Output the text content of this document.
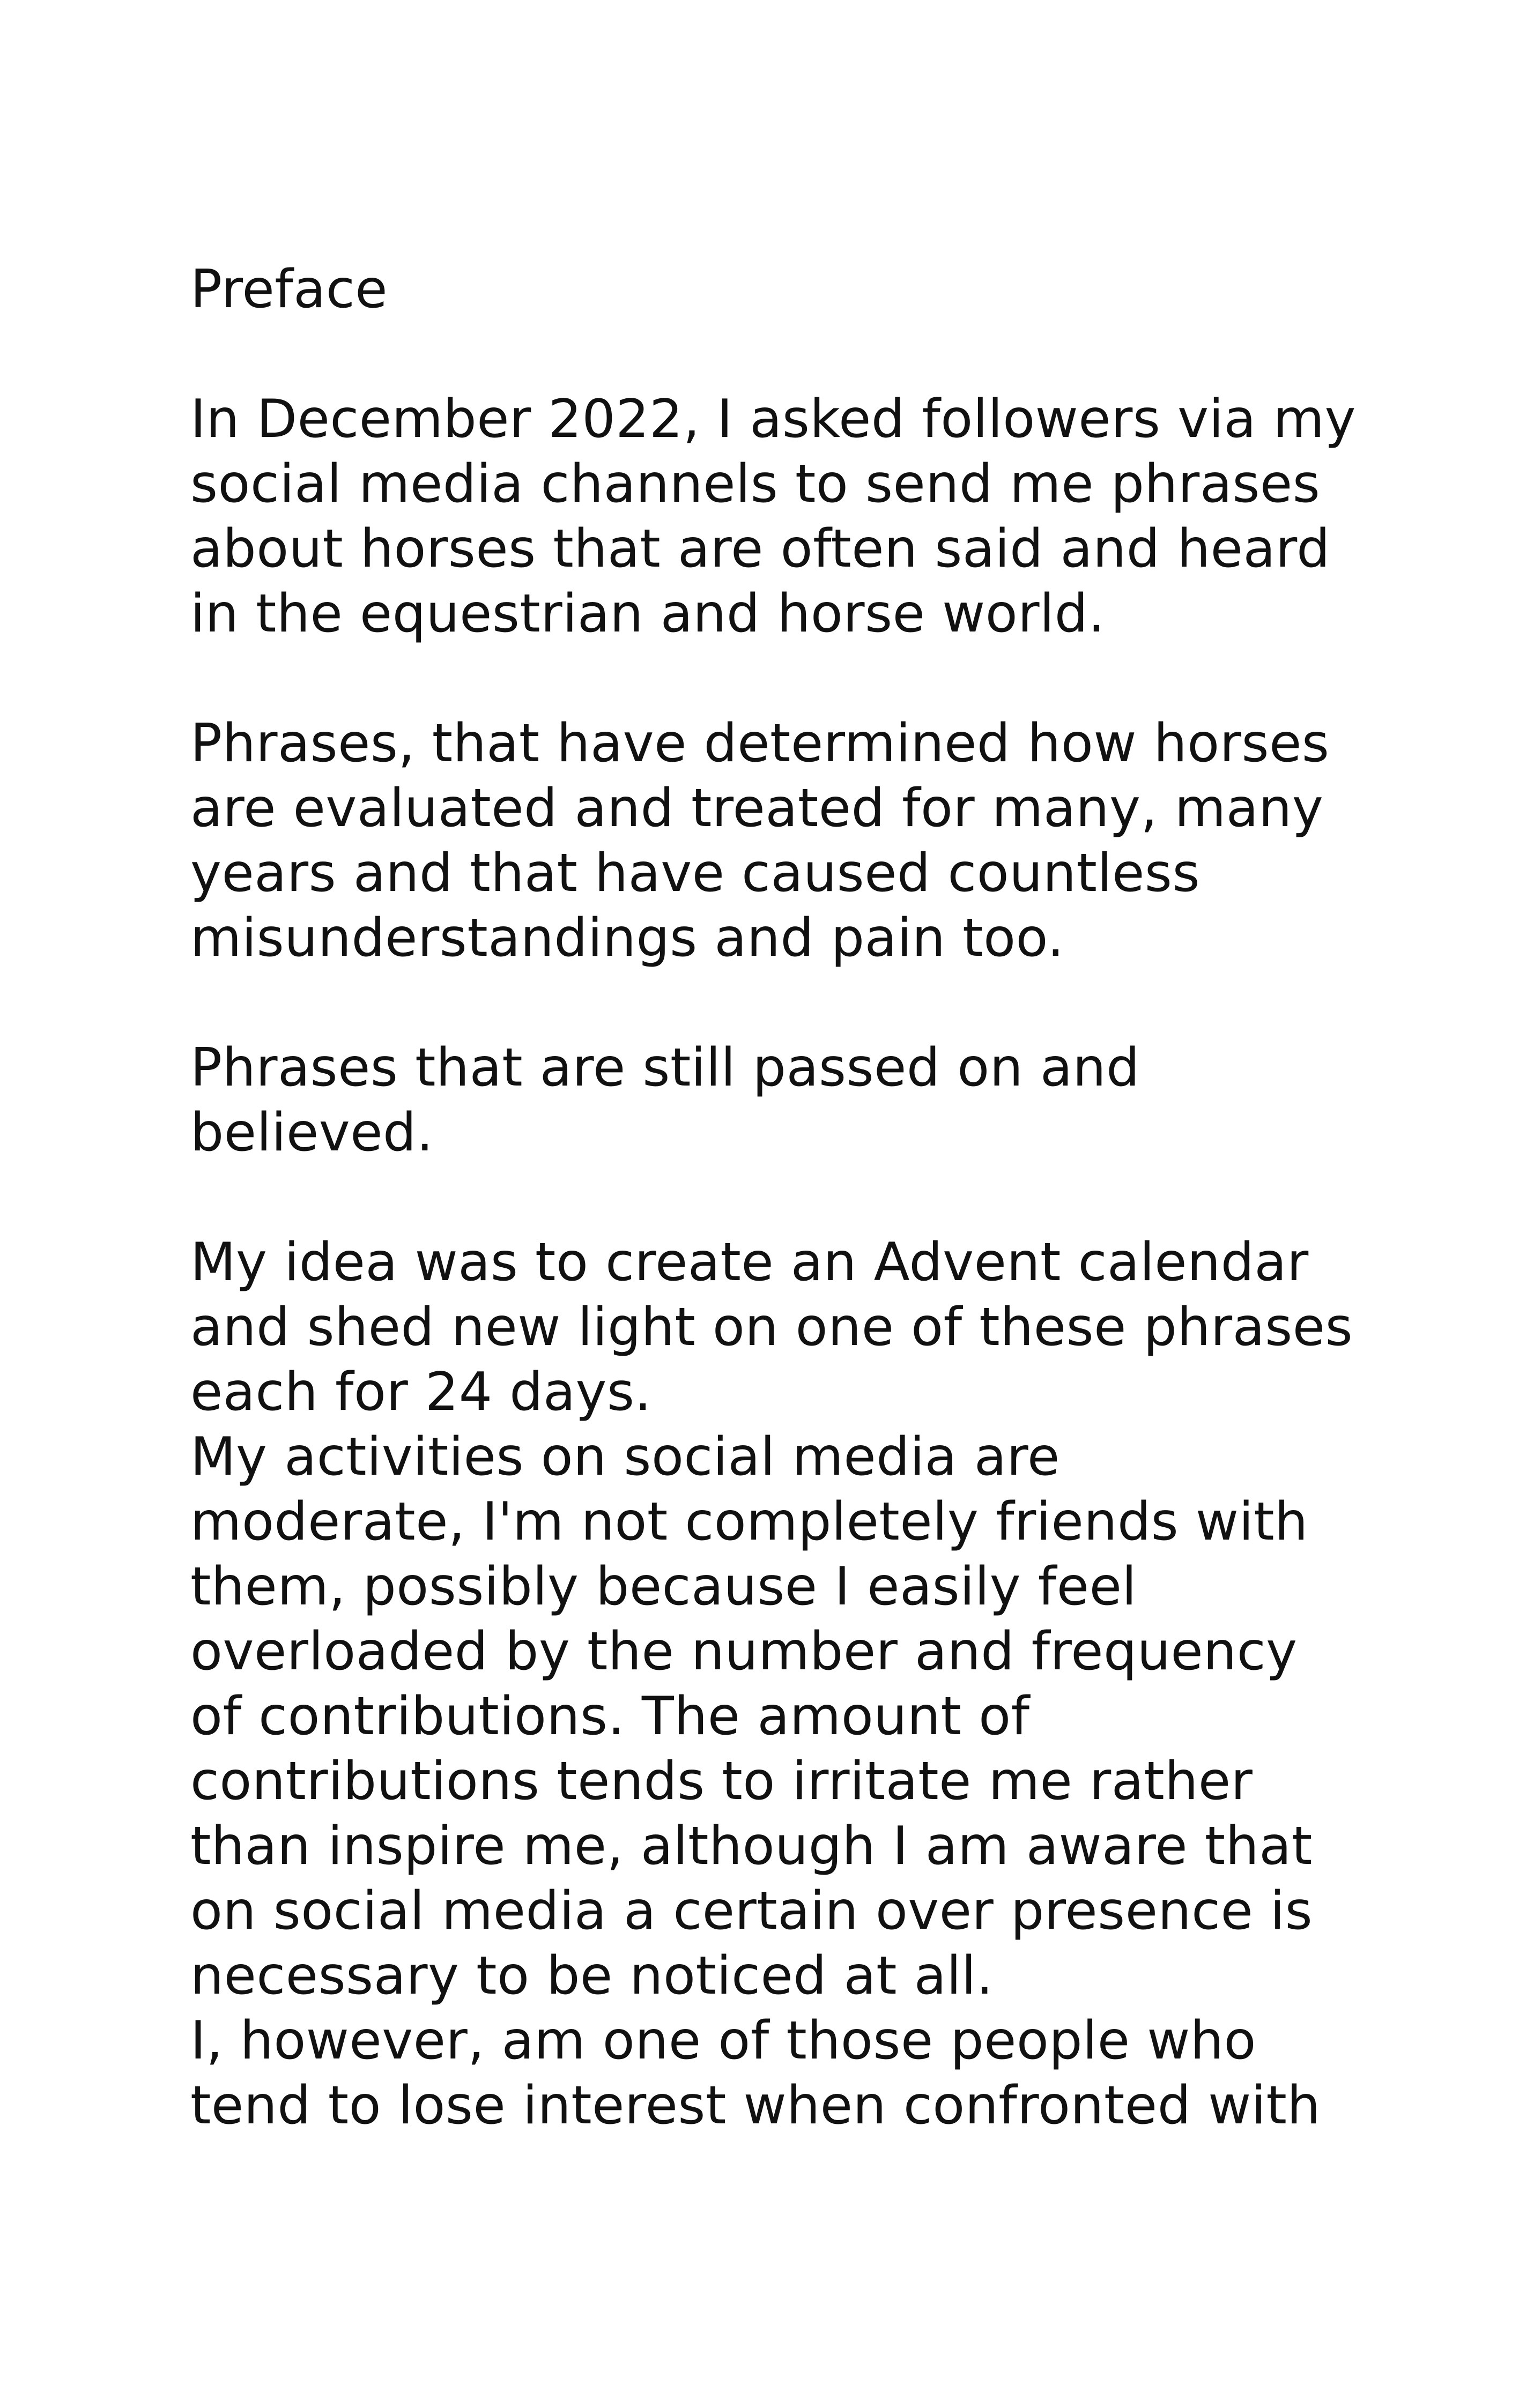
Preface
In December 2022, I asked followers via my
social media channels to send me phrases
about horses that are often said and heard
in the equestrian and horse world.
Phrases, that have determined how horses
are evaluated and treated for many, many
years and that have caused countless
misunderstandings and pain too.
Phrases that are still passed on and
believed.
My idea was to create an Advent calendar
and shed new light on one of these phrases
each for 24 days.
My activities on social media are
moderate, I'm not completely friends with
them, possibly because I easily feel
overloaded by the number and frequency
of contributions. The amount of
contributions tends to irritate me rather
than inspire me, although I am aware that
on social media a certain over presence is
necessary to be noticed at all.
I, however, am one of those people who
tend to lose interest when confronted with
